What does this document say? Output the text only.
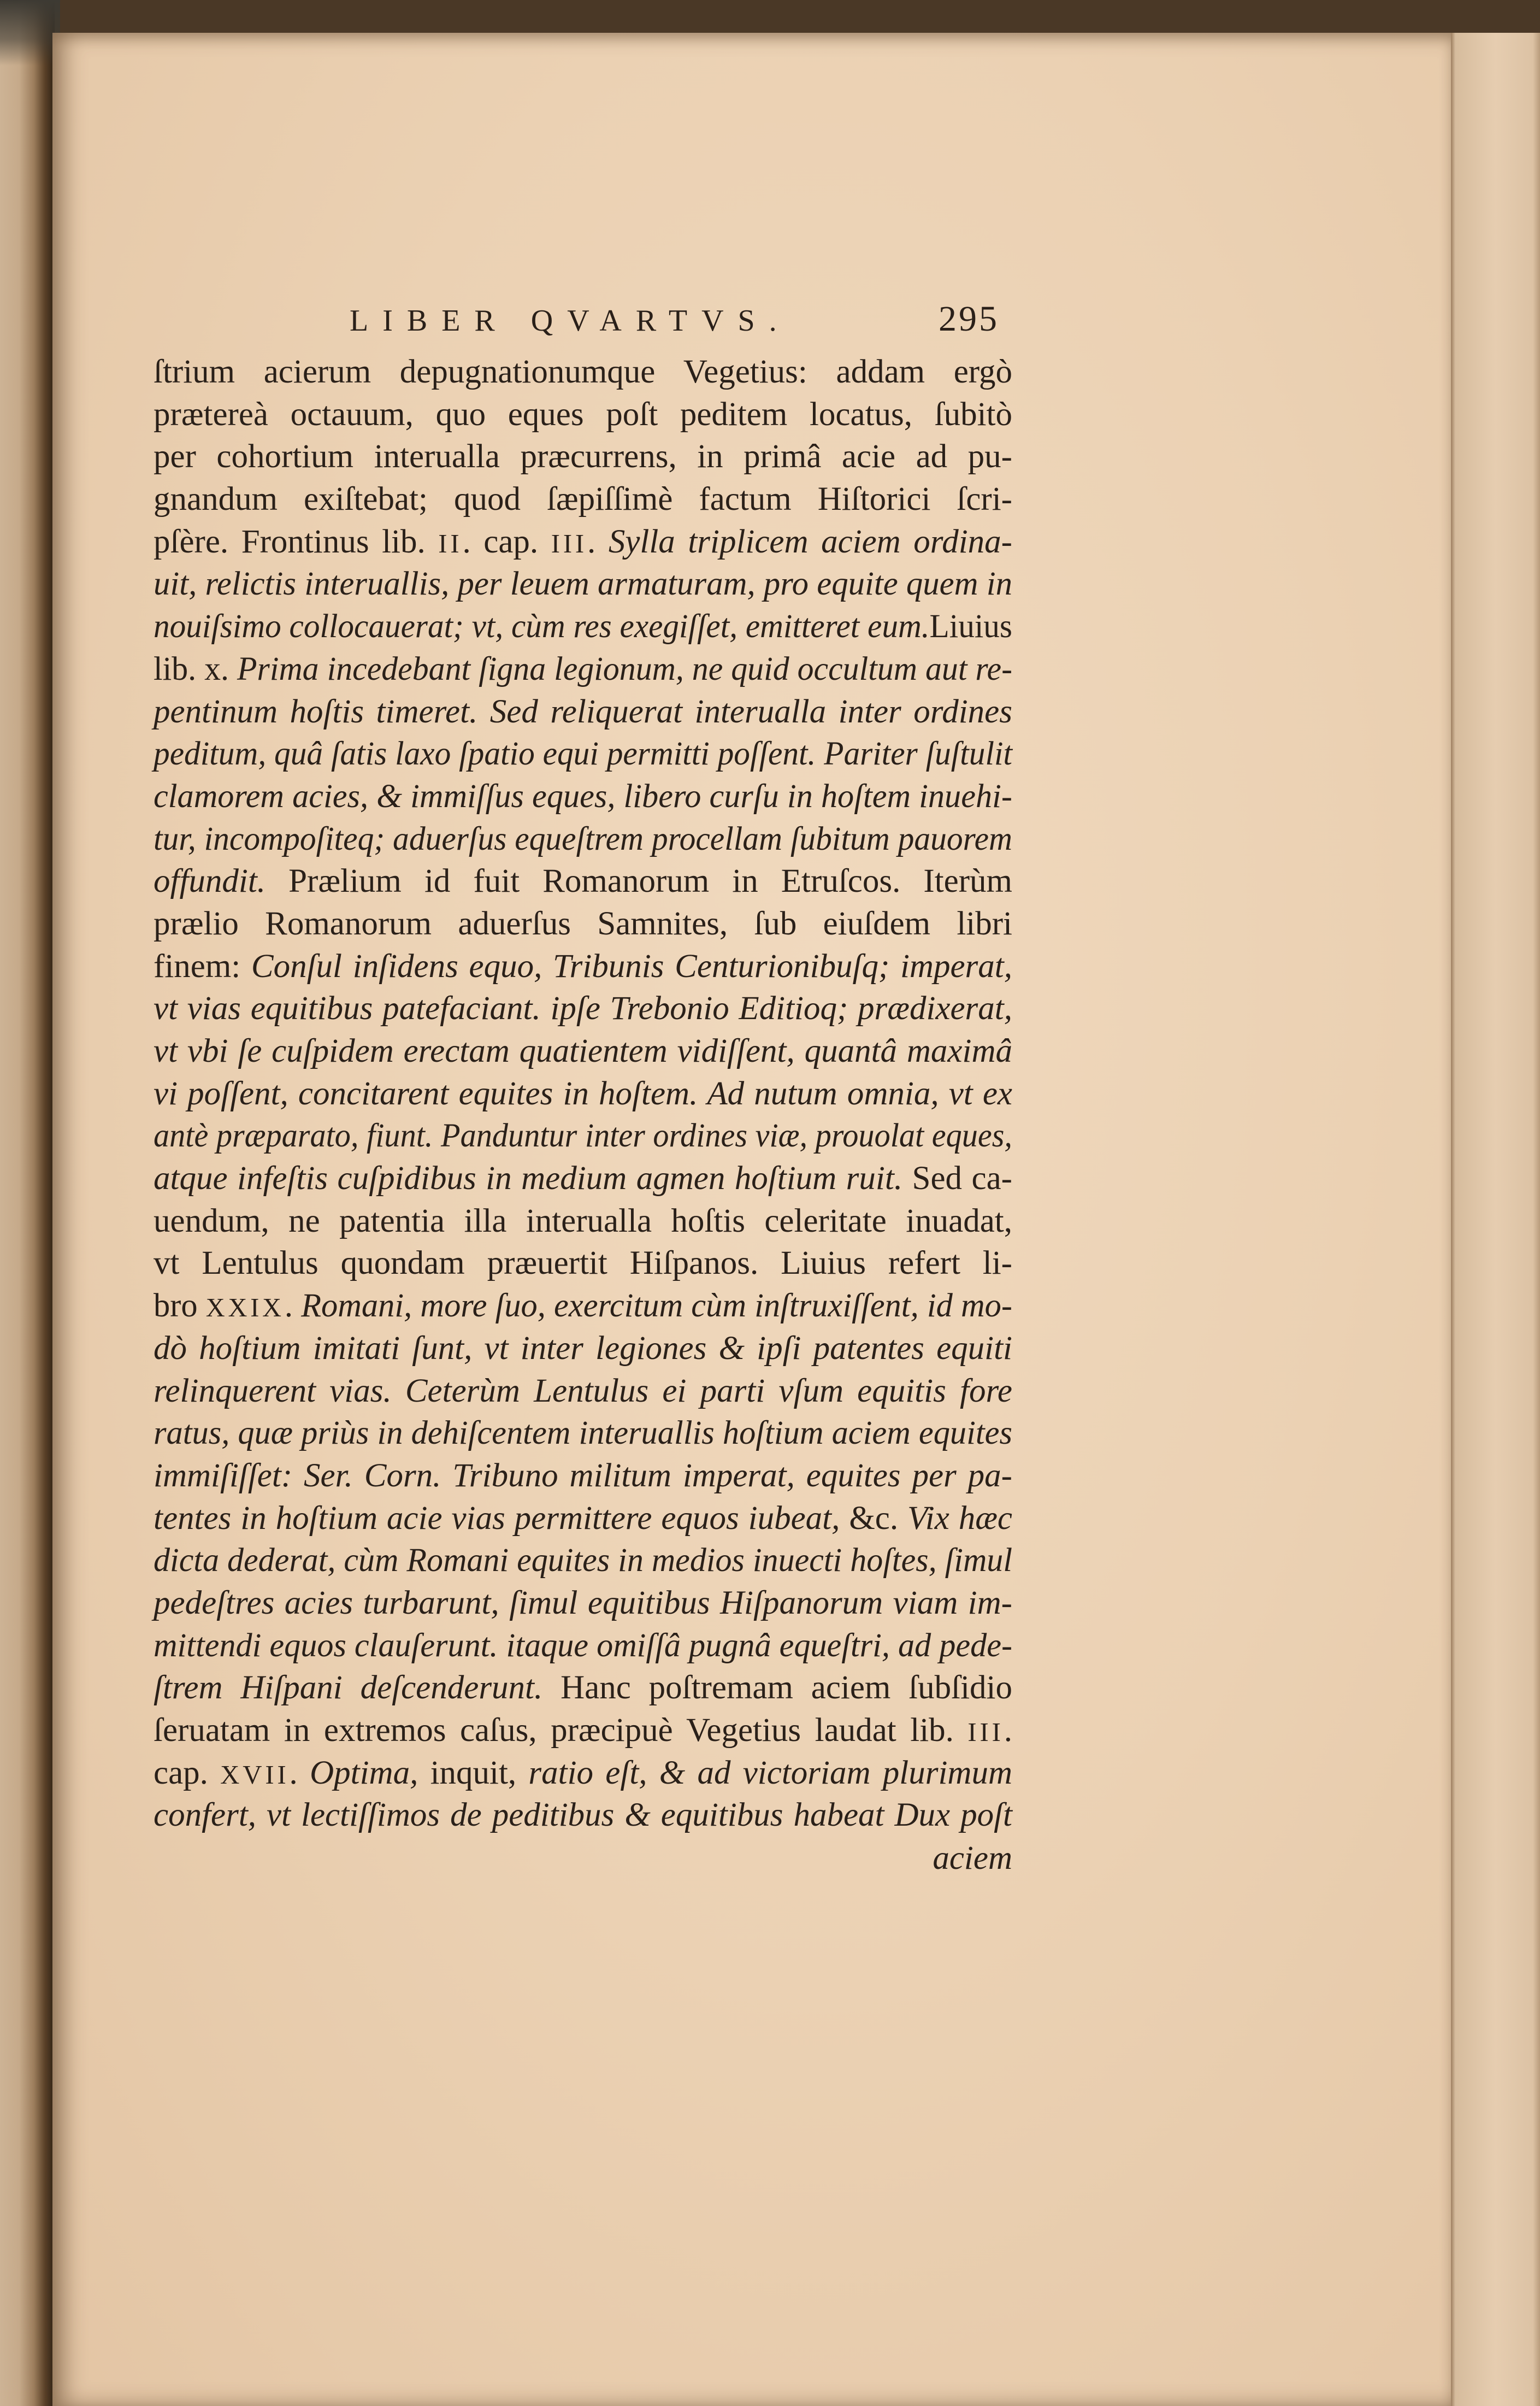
LIBER QVARTVS.	295
ſtrium acierum depugnationumque Vegetius: addam ergò
prætereà octauum, quo eques poſt peditem locatus, ſubitò
per cohortium interualla præcurrens, in primâ acie ad pu-
gnandum exiſtebat; quod ſæpiſſimè factum Hiſtorici ſcri-
pſère. Frontinus lib. II. cap. III. Sylla triplicem aciem ordina-
uit, relictis interuallis, per leuem armaturam, pro equite quem in
nouiſsimo collocauerat; vt, cùm res exegiſſet, emitteret eum.Liuius
lib. x. Prima incedebant ſigna legionum, ne quid occultum aut re-
pentinum hoſtis timeret. Sed reliquerat interualla inter ordines
peditum, quâ ſatis laxo ſpatio equi permitti poſſent. Pariter ſuſtulit
clamorem acies, & immiſſus eques, libero curſu in hoſtem inuehi-
tur, incompoſiteq; aduerſus equeſtrem procellam ſubitum pauorem
offundit. Prælium id fuit Romanorum in Etruſcos. Iterùm
prælio Romanorum aduerſus Samnites, ſub eiuſdem libri
finem: Conſul inſidens equo, Tribunis Centurionibuſq; imperat,
vt vias equitibus patefaciant. ipſe Trebonio Editioq; prædixerat,
vt vbi ſe cuſpidem erectam quatientem vidiſſent, quantâ maximâ
vi poſſent, concitarent equites in hoſtem. Ad nutum omnia, vt ex
antè præparato, fiunt. Panduntur inter ordines viæ, prouolat eques,
atque infeſtis cuſpidibus in medium agmen hoſtium ruit. Sed ca-
uendum, ne patentia illa interualla hoſtis celeritate inuadat,
vt Lentulus quondam præuertit Hiſpanos. Liuius refert li-
bro XXIX. Romani, more ſuo, exercitum cùm inſtruxiſſent, id mo-
dò hoſtium imitati ſunt, vt inter legiones & ipſi patentes equiti
relinquerent vias. Ceterùm Lentulus ei parti vſum equitis fore
ratus, quæ priùs in dehiſcentem interuallis hoſtium aciem equites
immiſiſſet: Ser. Corn. Tribuno militum imperat, equites per pa-
tentes in hoſtium acie vias permittere equos iubeat, &c. Vix hæc
dicta dederat, cùm Romani equites in medios inuecti hoſtes, ſimul
pedeſtres acies turbarunt, ſimul equitibus Hiſpanorum viam im-
mittendi equos clauſerunt. itaque omiſſâ pugnâ equeſtri, ad pede-
ſtrem Hiſpani deſcenderunt. Hanc poſtremam aciem ſubſidio
ſeruatam in extremos caſus, præcipuè Vegetius laudat lib. III.
cap. XVII. Optima, inquit, ratio eſt, & ad victoriam plurimum
confert, vt lectiſſimos de peditibus & equitibus habeat Dux poſt
aciem
